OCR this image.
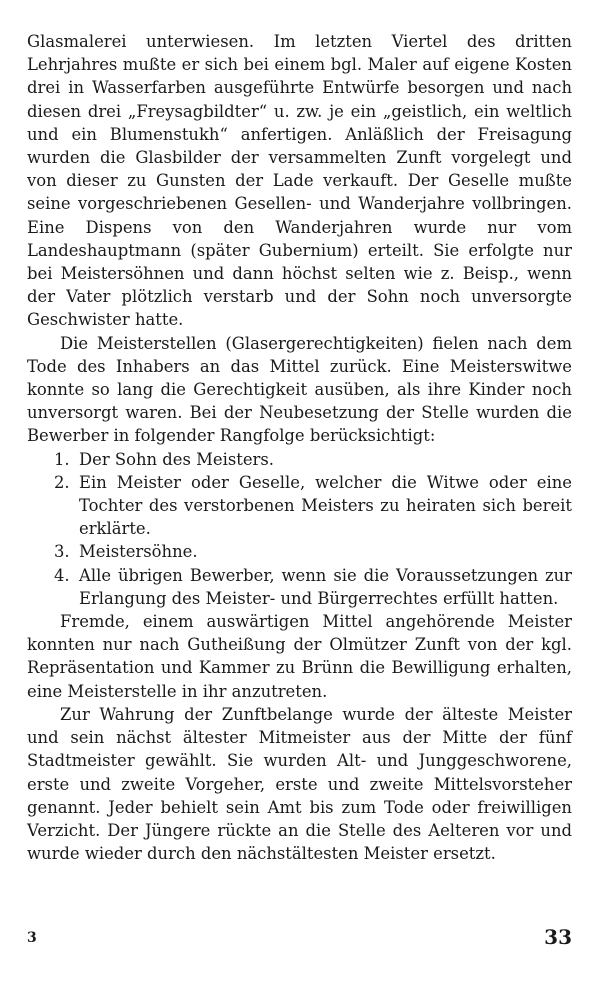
Glasmalerei unterwiesen. Im letzten Viertel des dritten Lehrjahres mußte er sich bei einem bgl. Maler auf eigene Kosten drei in Wasserfarben ausgeführte Entwürfe besorgen und nach diesen drei „Freysagbildter“ u. zw. je ein „geistlich, ein weltlich und ein Blumenstukh“ anfertigen. Anläßlich der Freisagung wurden die Glasbilder der versammelten Zunft vorgelegt und von dieser zu Gunsten der Lade verkauft. Der Geselle mußte seine vorgeschriebenen Gesellen- und Wanderjahre vollbringen. Eine Dispens von den Wanderjahren wurde nur vom Landeshauptmann (später Gubernium) erteilt. Sie erfolgte nur bei Meistersöhnen und dann höchst selten wie z. Beisp., wenn der Vater plötzlich verstarb und der Sohn noch unversorgte Geschwister hatte.

Die Meisterstellen (Glasergerechtigkeiten) fielen nach dem Tode des Inhabers an das Mittel zurück. Eine Meisterswitwe konnte so lang die Gerechtigkeit ausüben, als ihre Kinder noch unversorgt waren. Bei der Neubesetzung der Stelle wurden die Bewerber in folgender Rangfolge berücksichtigt:

1. Der Sohn des Meisters.
2. Ein Meister oder Geselle, welcher die Witwe oder eine Tochter des verstorbenen Meisters zu heiraten sich bereit erklärte.
3. Meistersöhne.
4. Alle übrigen Bewerber, wenn sie die Voraussetzungen zur Erlangung des Meister- und Bürgerrechtes erfüllt hatten.

Fremde, einem auswärtigen Mittel angehörende Meister konnten nur nach Gutheißung der Olmützer Zunft von der kgl. Repräsentation und Kammer zu Brünn die Bewilligung erhalten, eine Meisterstelle in ihr anzutreten.

Zur Wahrung der Zunftbelange wurde der älteste Meister und sein nächst ältester Mitmeister aus der Mitte der fünf Stadtmeister gewählt. Sie wurden Alt- und Junggeschworene, erste und zweite Vorgeher, erste und zweite Mittelsvorsteher genannt. Jeder behielt sein Amt bis zum Tode oder freiwilligen Verzicht. Der Jüngere rückte an die Stelle des Aelteren vor und wurde wieder durch den nächstältesten Meister ersetzt.

3	33
